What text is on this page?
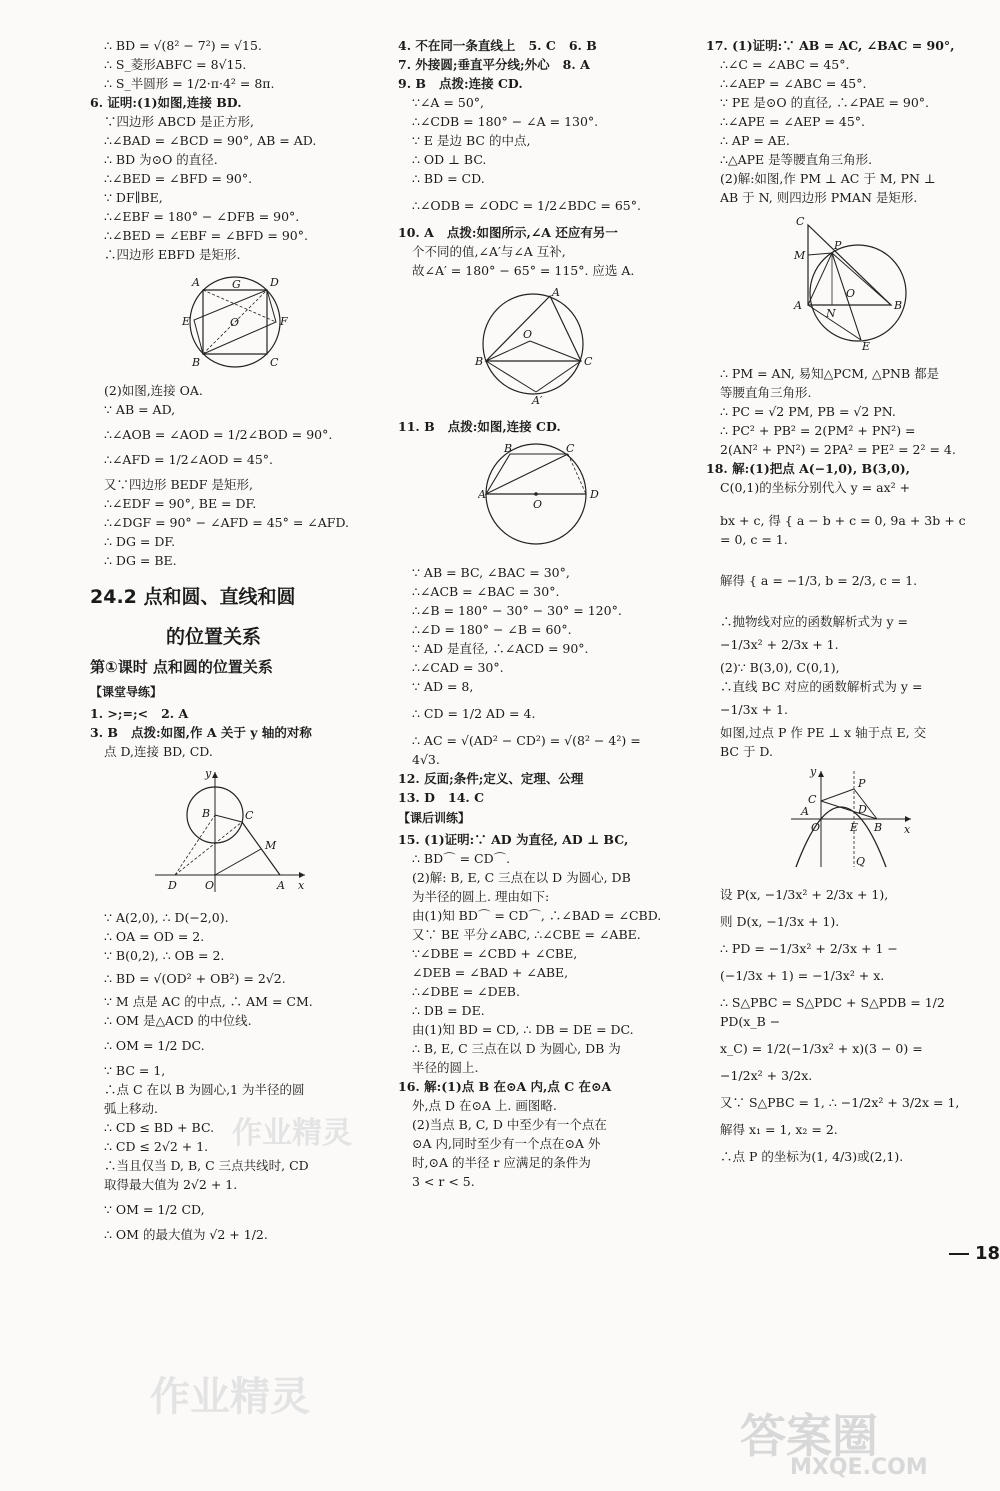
∴ BD = √(8² − 7²) = √15.
∴ S_菱形ABFC = 8√15.
∴ S_半圆形 = 1/2·π·4² = 8π.
6. 证明:(1)如图,连接 BD.
∵四边形 ABCD 是正方形,
∴∠BAD = ∠BCD = 90°, AB = AD.
∴ BD 为⊙O 的直径.
∴∠BED = ∠BFD = 90°.
∵ DF∥BE,
∴∠EBF = 180° − ∠DFB = 90°.
∴∠BED = ∠EBF = ∠BFD = 90°.
∴四边形 EBFD 是矩形.
A	D
E	F
B	C
G
O
(2)如图,连接 OA.
∵ AB = AD,
∴∠AOB = ∠AOD = 1/2∠BOD = 90°.
∴∠AFD = 1/2∠AOD = 45°.
又∵四边形 BEDF 是矩形,
∴∠EDF = 90°, BE = DF.
∴∠DGF = 90° − ∠AFD = 45° = ∠AFD.
∴ DG = DF.
∴ DG = BE.
24.2 点和圆、直线和圆
的位置关系
第①课时 点和圆的位置关系
【课堂导练】
1. >;=;<   2. A
3. B   点拨:如图,作 A 关于 y 轴的对称
点 D,连接 BD, CD.
y
x
B	C
M
D	O	A
∵ A(2,0), ∴ D(−2,0).
∴ OA = OD = 2.
∵ B(0,2), ∴ OB = 2.
∴ BD = √(OD² + OB²) = 2√2.
∵ M 点是 AC 的中点, ∴ AM = CM.
∴ OM 是△ACD 的中位线.
∴ OM = 1/2 DC.
∵ BC = 1,
∴点 C 在以 B 为圆心,1 为半径的圆
弧上移动.
∴ CD ≤ BD + BC.
∴ CD ≤ 2√2 + 1.
∴当且仅当 D, B, C 三点共线时, CD
取得最大值为 2√2 + 1.
∵ OM = 1/2 CD,
∴ OM 的最大值为 √2 + 1/2.
4. 不在同一条直线上   5. C   6. B
7. 外接圆;垂直平分线;外心   8. A
9. B   点拨:连接 CD.
∵∠A = 50°,
∴∠CDB = 180° − ∠A = 130°.
∵ E 是边 BC 的中点,
∴ OD ⊥ BC.
∴ BD = CD.
∴∠ODB = ∠ODC = 1/2∠BDC = 65°.
10. A   点拨:如图所示,∠A 还应有另一
个不同的值,∠A′与∠A 互补,
故∠A′ = 180° − 65° = 115°. 应选 A.
A
B	C
O
A′
11. B   点拨:如图,连接 CD.
B	C
A	D
O
∵ AB = BC, ∠BAC = 30°,
∴∠ACB = ∠BAC = 30°.
∴∠B = 180° − 30° − 30° = 120°.
∴∠D = 180° − ∠B = 60°.
∵ AD 是直径, ∴∠ACD = 90°.
∴∠CAD = 30°.
∵ AD = 8,
∴ CD = 1/2 AD = 4.
∴ AC = √(AD² − CD²) = √(8² − 4²) =
4√3.
12. 反面;条件;定义、定理、公理
13. D   14. C
【课后训练】
15. (1)证明:∵ AD 为直径, AD ⊥ BC,
∴ BD⌒ = CD⌒.
(2)解: B, E, C 三点在以 D 为圆心, DB
为半径的圆上. 理由如下:
由(1)知 BD⌒ = CD⌒, ∴∠BAD = ∠CBD.
又∵ BE 平分∠ABC, ∴∠CBE = ∠ABE.
∵∠DBE = ∠CBD + ∠CBE,
∠DEB = ∠BAD + ∠ABE,
∴∠DBE = ∠DEB.
∴ DB = DE.
由(1)知 BD = CD, ∴ DB = DE = DC.
∴ B, E, C 三点在以 D 为圆心, DB 为
半径的圆上.
16. 解:(1)点 B 在⊙A 内,点 C 在⊙A
外,点 D 在⊙A 上. 画图略.
(2)当点 B, C, D 中至少有一个点在
⊙A 内,同时至少有一个点在⊙A 外
时,⊙A 的半径 r 应满足的条件为
3 < r < 5.
17. (1)证明:∵ AB = AC, ∠BAC = 90°,
∴∠C = ∠ABC = 45°.
∴∠AEP = ∠ABC = 45°.
∵ PE 是⊙O 的直径, ∴∠PAE = 90°.
∴∠APE = ∠AEP = 45°.
∴ AP = AE.
∴△APE 是等腰直角三角形.
(2)解:如图,作 PM ⊥ AC 于 M, PN ⊥
AB 于 N, 则四边形 PMAN 是矩形.
C
M
P
A	B
N
O
E
∴ PM = AN, 易知△PCM, △PNB 都是
等腰直角三角形.
∴ PC = √2 PM, PB = √2 PN.
∴ PC² + PB² = 2(PM² + PN²) =
2(AN² + PN²) = 2PA² = PE² = 2² = 4.
18. 解:(1)把点 A(−1,0), B(3,0),
C(0,1)的坐标分别代入 y = ax² +
bx + c, 得 { a − b + c = 0, 9a + 3b + c = 0, c = 1.
解得 { a = −1/3, b = 2/3, c = 1.
∴抛物线对应的函数解析式为 y =
−1/3x² + 2/3x + 1.
(2)∵ B(3,0), C(0,1),
∴直线 BC 对应的函数解析式为 y =
−1/3x + 1.
如图,过点 P 作 PE ⊥ x 轴于点 E, 交
BC 于 D.
y
x
C
P
D
A
O	E B
Q
设 P(x, −1/3x² + 2/3x + 1),
则 D(x, −1/3x + 1).
∴ PD = −1/3x² + 2/3x + 1 −
(−1/3x + 1) = −1/3x² + x.
∴ S△PBC = S△PDC + S△PDB = 1/2 PD(x_B −
x_C) = 1/2(−1/3x² + x)(3 − 0) =
−1/2x² + 3/2x.
又∵ S△PBC = 1, ∴ −1/2x² + 3/2x = 1,
解得 x₁ = 1, x₂ = 2.
∴点 P 的坐标为(1, 4/3)或(2,1).
18
作业精灵
作业精灵
答案圈
MXQE.COM
